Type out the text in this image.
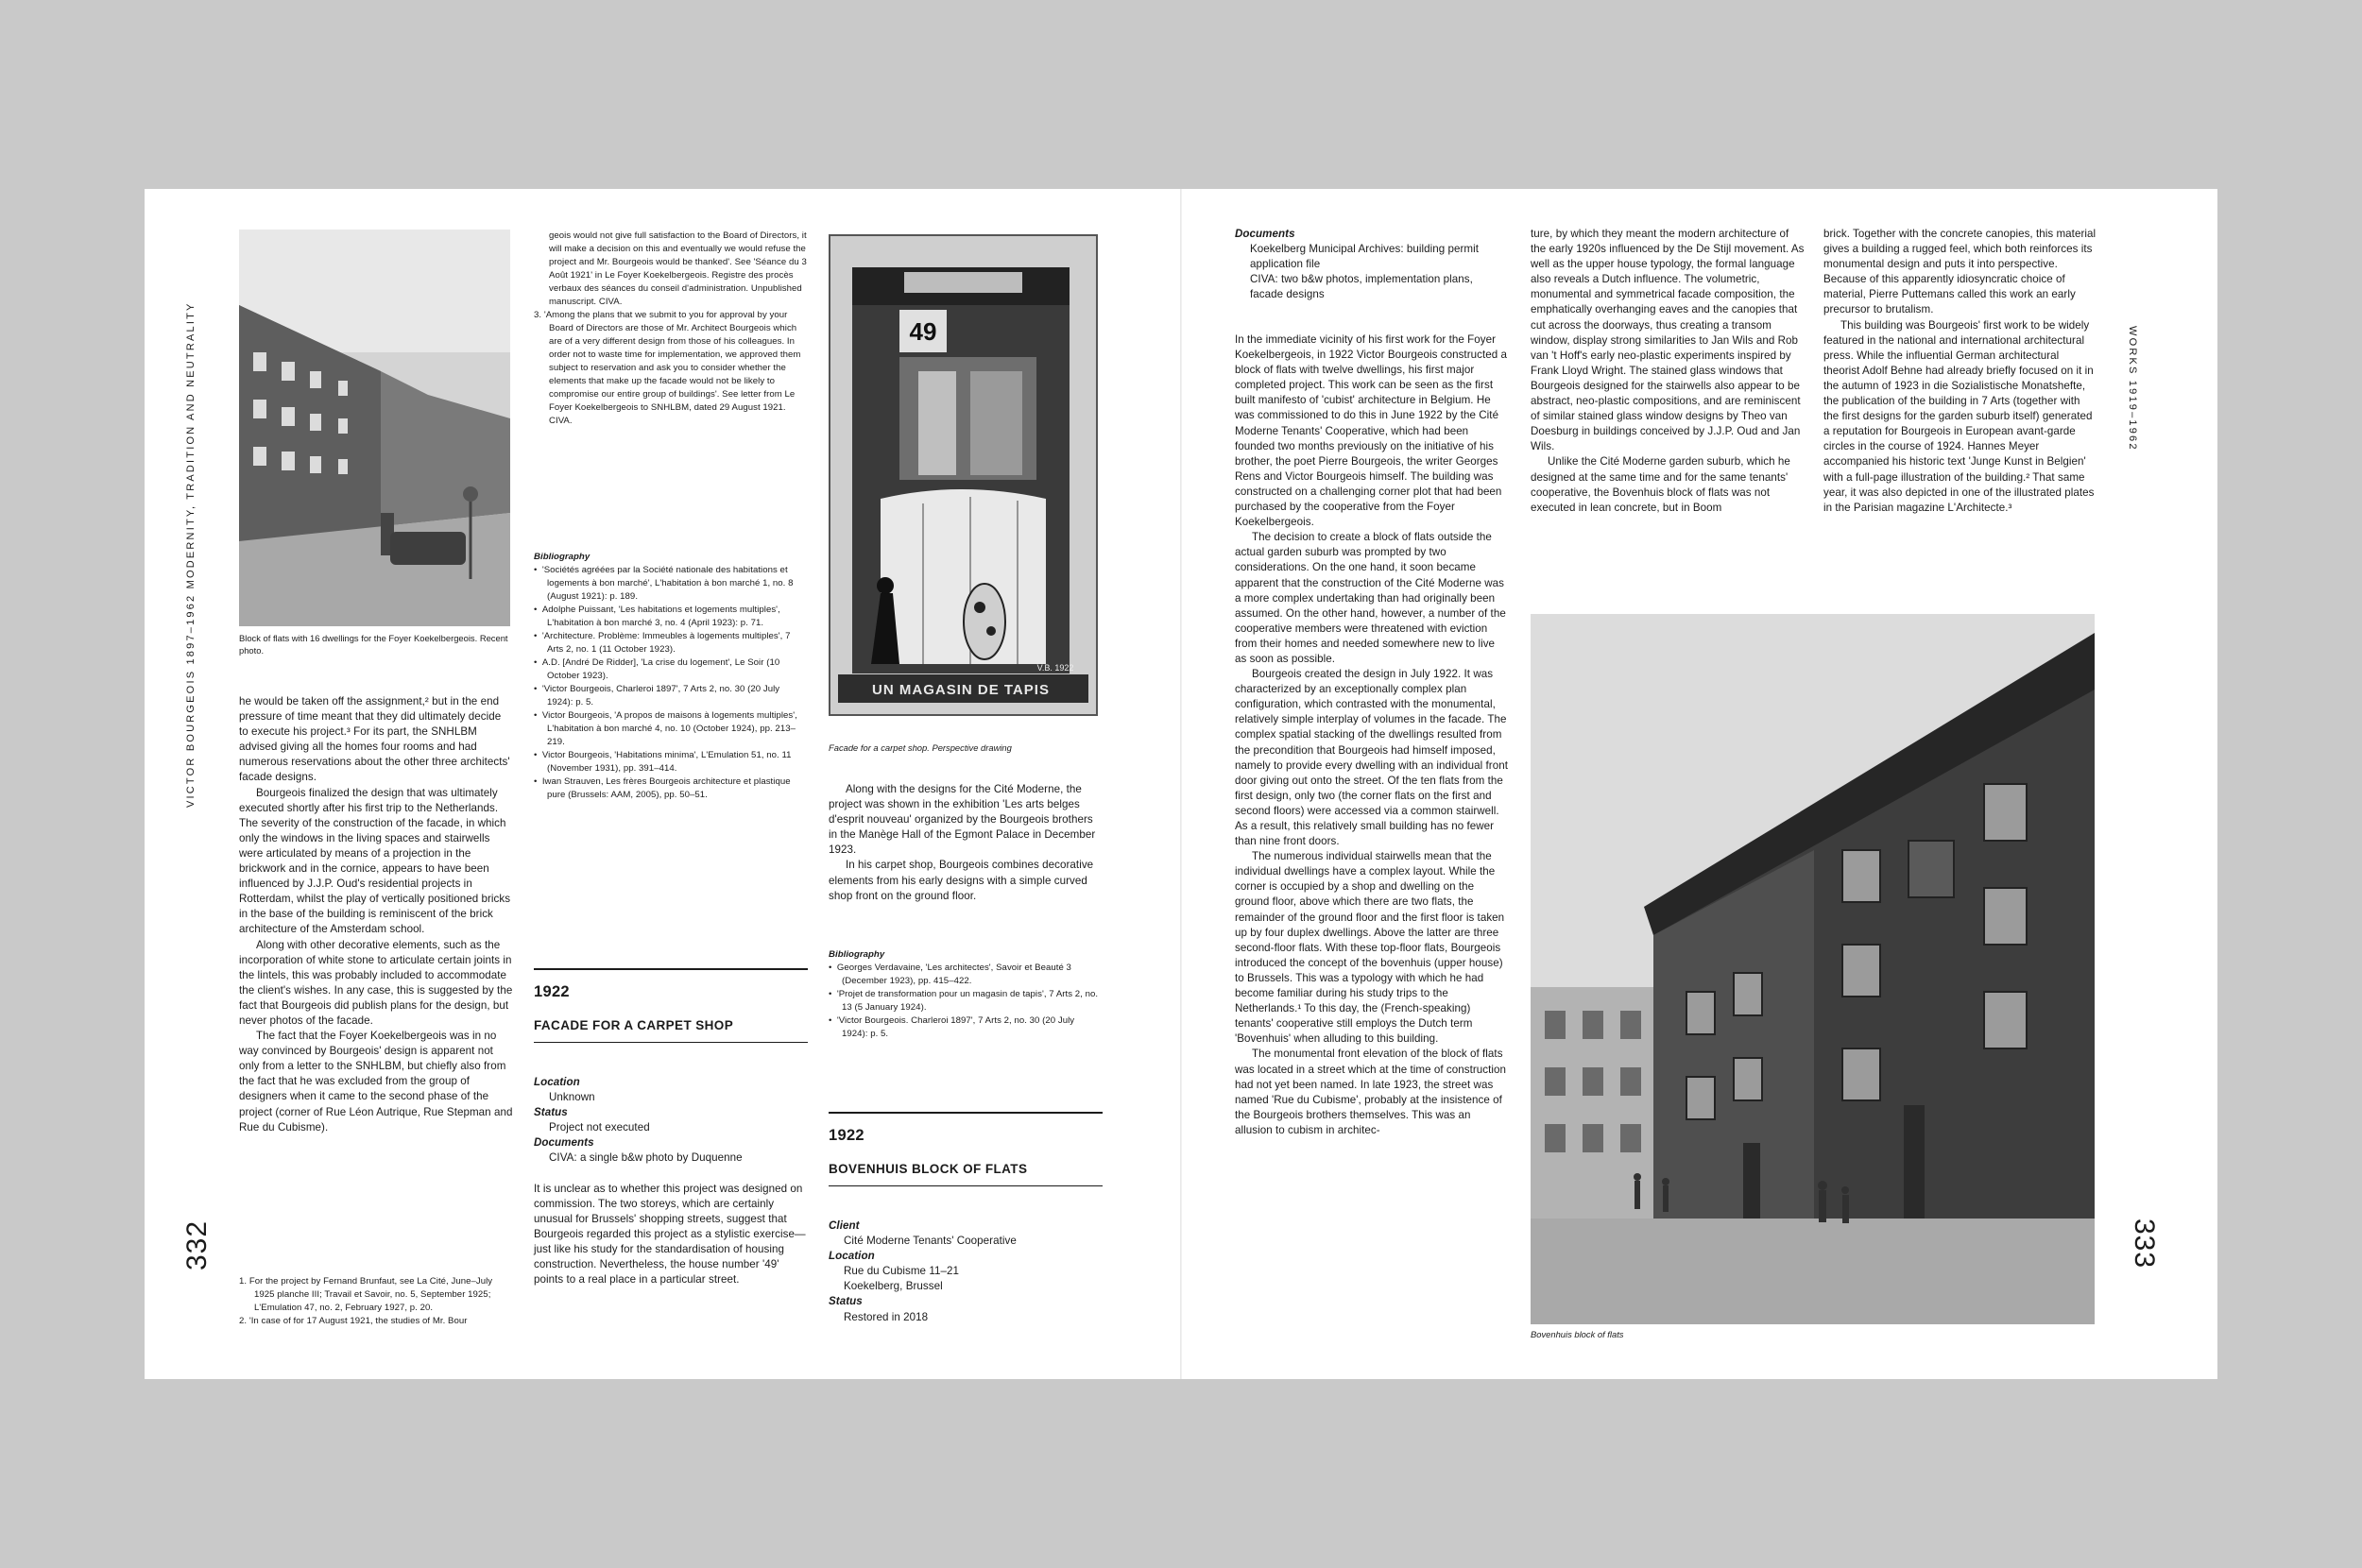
VICTOR BOURGEOIS 1897–1962 MODERNITY, TRADITION AND NEUTRALITY
332
Block of flats with 16 dwellings for the Foyer Koekelbergeois. Recent photo.

he would be taken off the assignment,² but in the end pressure of time meant that they did ultimately decide to execute his project.³ For its part, the SNHLBM advised giving all the homes four rooms and had numerous reservations about the other three architects' facade designs.

Bourgeois finalized the design that was ultimately executed shortly after his first trip to the Netherlands. The severity of the construction of the facade, in which only the windows in the living spaces and stairwells were articulated by means of a projection in the brickwork and in the cornice, appears to have been influenced by J.J.P. Oud's residential projects in Rotterdam, whilst the play of vertically positioned bricks in the base of the building is reminiscent of the brick architecture of the Amsterdam school.

Along with other decorative elements, such as the incorporation of white stone to articulate certain joints in the lintels, this was probably included to accommodate the client's wishes. In any case, this is suggested by the fact that Bourgeois did publish plans for the design, but never photos of the facade.

The fact that the Foyer Koekelbergeois was in no way convinced by Bourgeois' design is apparent not only from a letter to the SNHLBM, but chiefly also from the fact that he was excluded from the group of designers when it came to the second phase of the project (corner of Rue Léon Autrique, Rue Stepman and Rue du Cubisme).

1. For the project by Fernand Brunfaut, see La Cité, June–July 1925 planche III; Travail et Savoir, no. 5, September 1925; L'Emulation 47, no. 2, February 1927, p. 20.
2. 'In case of for 17 August 1921, the studies of Mr. Bour

geois would not give full satisfaction to the Board of Directors, it will make a decision on this and eventually we would refuse the project and Mr. Bourgeois would be thanked'. See 'Séance du 3 Août 1921' in Le Foyer Koekelbergeois. Registre des procès verbaux des séances du conseil d'administration. Unpublished manuscript. CIVA.

3. 'Among the plans that we submit to you for approval by your Board of Directors are those of Mr. Architect Bourgeois which are of a very different design from those of his colleagues. In order not to waste time for implementation, we approved them subject to reservation and ask you to consider whether the elements that make up the facade would not be likely to compromise our entire group of buildings'. See letter from Le Foyer Koekelbergeois to SNHLBM, dated 29 August 1921. CIVA.

Bibliography

•  'Sociétés agréées par la Société nationale des habitations et logements à bon marché', L'habitation à bon marché 1, no. 8 (August 1921): p. 189.
•  Adolphe Puissant, 'Les habitations et logements multiples', L'habitation à bon marché 3, no. 4 (April 1923): p. 71.
•  'Architecture. Problème: Immeubles à logements multiples', 7 Arts 2, no. 1 (11 October 1923).
•  A.D. [André De Ridder], 'La crise du logement', Le Soir (10 October 1923).
•  'Victor Bourgeois, Charleroi 1897', 7 Arts 2, no. 30 (20 July 1924): p. 5.
•  Victor Bourgeois, 'A propos de maisons à logements multiples', L'habitation à bon marché 4, no. 10 (October 1924), pp. 213–219.
•  Victor Bourgeois, 'Habitations minima', L'Emulation 51, no. 11 (November 1931), pp. 391–414.
•  Iwan Strauven, Les frères Bourgeois architecture et plastique pure (Brussels: AAM, 2005), pp. 50–51.
1922
FACADE FOR A CARPET SHOP

Location

Unknown

Status

Project not executed

Documents

CIVA: a single b&w photo by Duquenne

It is unclear as to whether this project was designed on commission. The two storeys, which are certainly unusual for Brussels' shopping streets, suggest that Bourgeois regarded this project as a stylistic exercise—just like his study for the standardisation of housing construction. Nevertheless, the house number '49' points to a real place in a particular street.

49
UN MAGASIN DE TAPIS
V.B. 1922
Facade for a carpet shop. Perspective drawing

Along with the designs for the Cité Moderne, the project was shown in the exhibition 'Les arts belges d'esprit nouveau' organized by the Bourgeois brothers in the Manège Hall of the Egmont Palace in December 1923.

In his carpet shop, Bourgeois combines decorative elements from his early designs with a simple curved shop front on the ground floor.

Bibliography

•  Georges Verdavaine, 'Les architectes', Savoir et Beauté 3 (December 1923), pp. 415–422.
•  'Projet de transformation pour un magasin de tapis', 7 Arts 2, no. 13 (5 January 1924).
•  'Victor Bourgeois. Charleroi 1897', 7 Arts 2, no. 30 (20 July 1924): p. 5.
1922
BOVENHUIS BLOCK OF FLATS

Client

Cité Moderne Tenants' Cooperative

Location

Rue du Cubisme 11–21

Koekelberg, Brussel

Status

Restored in 2018

Documents

Koekelberg Municipal Archives: building permit application file

CIVA: two b&w photos, implementation plans, facade designs

In the immediate vicinity of his first work for the Foyer Koekelbergeois, in 1922 Victor Bourgeois constructed a block of flats with twelve dwellings, his first major completed project. This work can be seen as the first built manifesto of 'cubist' architecture in Belgium. He was commissioned to do this in June 1922 by the Cité Moderne Tenants' Cooperative, which had been founded two months previously on the initiative of his brother, the poet Pierre Bourgeois, the writer Georges Rens and Victor Bourgeois himself. The building was constructed on a challenging corner plot that had been purchased by the cooperative from the Foyer Koekelbergeois.

The decision to create a block of flats outside the actual garden suburb was prompted by two considerations. On the one hand, it soon became apparent that the construction of the Cité Moderne was a more complex undertaking than had originally been assumed. On the other hand, however, a number of the cooperative members were threatened with eviction from their homes and needed somewhere new to live as soon as possible.

Bourgeois created the design in July 1922. It was characterized by an exceptionally complex plan configuration, which contrasted with the monumental, relatively simple interplay of volumes in the facade. The complex spatial stacking of the dwellings resulted from the precondition that Bourgeois had himself imposed, namely to provide every dwelling with an individual front door giving out onto the street. Of the ten flats from the first design, only two (the corner flats on the first and second floors) were accessed via a common stairwell. As a result, this relatively small building has no fewer than nine front doors.

The numerous individual stairwells mean that the individual dwellings have a complex layout. While the corner is occupied by a shop and dwelling on the ground floor, above which there are two flats, the remainder of the ground floor and the first floor is taken up by four duplex dwellings. Above the latter are three second-floor flats. With these top-floor flats, Bourgeois introduced the concept of the bovenhuis (upper house) to Brussels. This was a typology with which he had become familiar during his study trips to the Netherlands.¹ To this day, the (French-speaking) tenants' cooperative still employs the Dutch term 'Bovenhuis' when alluding to this building.

The monumental front elevation of the block of flats was located in a street which at the time of construction had not yet been named. In late 1923, the street was named 'Rue du Cubisme', probably at the insistence of the Bourgeois brothers themselves. This was an allusion to cubism in architec-

ture, by which they meant the modern architecture of the early 1920s influenced by the De Stijl movement. As well as the upper house typology, the formal language also reveals a Dutch influence. The volumetric, monumental and symmetrical facade composition, the emphatically overhanging eaves and the canopies that cut across the doorways, thus creating a transom window, display strong similarities to Jan Wils and Rob van 't Hoff's early neo-plastic experiments inspired by Frank Lloyd Wright. The stained glass windows that Bourgeois designed for the stairwells also appear to be abstract, neo-plastic compositions, and are reminiscent of similar stained glass window designs by Theo van Doesburg in buildings conceived by J.J.P. Oud and Jan Wils.

Unlike the Cité Moderne garden suburb, which he designed at the same time and for the same tenants' cooperative, the Bovenhuis block of flats was not executed in lean concrete, but in Boom

brick. Together with the concrete canopies, this material gives a building a rugged feel, which both reinforces its monumental design and puts it into perspective. Because of this apparently idiosyncratic choice of material, Pierre Puttemans called this work an early precursor to brutalism.

This building was Bourgeois' first work to be widely featured in the national and international architectural press. While the influential German architectural theorist Adolf Behne had already briefly focused on it in the autumn of 1923 in die Sozialistische Monatshefte, the publication of the building in 7 Arts (together with the first designs for the garden suburb itself) generated a reputation for Bourgeois in European avant-garde circles in the course of 1924. Hannes Meyer accompanied his historic text 'Junge Kunst in Belgien' with a full-page illustration of the building.² That same year, it was also depicted in one of the illustrated plates in the Parisian magazine L'Architecte.³

WORKS 1919–1962
333
Bovenhuis block of flats
